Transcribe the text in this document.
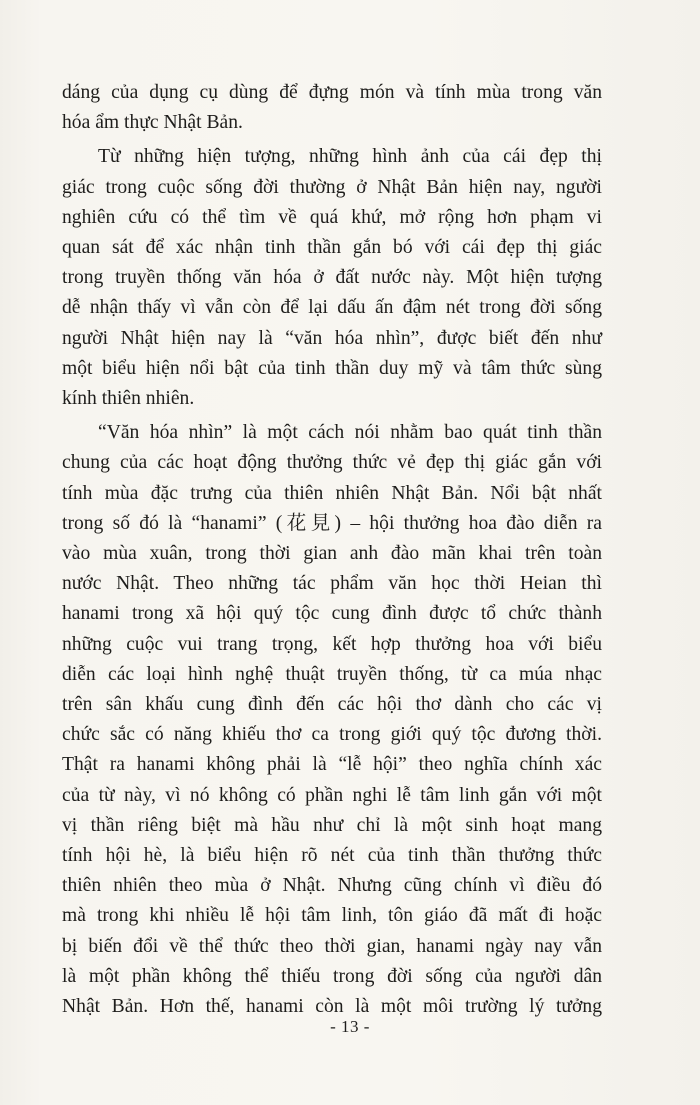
dáng của dụng cụ dùng để đựng món và tính mùa trong văn
hóa ẩm thực Nhật Bản.

Từ những hiện tượng, những hình ảnh của cái đẹp thị
giác trong cuộc sống đời thường ở Nhật Bản hiện nay, người
nghiên cứu có thể tìm về quá khứ, mở rộng hơn phạm vi
quan sát để xác nhận tinh thần gắn bó với cái đẹp thị giác
trong truyền thống văn hóa ở đất nước này. Một hiện tượng
dễ nhận thấy vì vẫn còn để lại dấu ấn đậm nét trong đời sống
người Nhật hiện nay là “văn hóa nhìn”, được biết đến như
một biểu hiện nổi bật của tinh thần duy mỹ và tâm thức sùng
kính thiên nhiên.

“Văn hóa nhìn” là một cách nói nhằm bao quát tinh thần
chung của các hoạt động thưởng thức vẻ đẹp thị giác gắn với
tính mùa đặc trưng của thiên nhiên Nhật Bản. Nổi bật nhất
trong số đó là “hanami” (花見) – hội thưởng hoa đào diễn ra
vào mùa xuân, trong thời gian anh đào mãn khai trên toàn
nước Nhật. Theo những tác phẩm văn học thời Heian thì
hanami trong xã hội quý tộc cung đình được tổ chức thành
những cuộc vui trang trọng, kết hợp thưởng hoa với biểu
diễn các loại hình nghệ thuật truyền thống, từ ca múa nhạc
trên sân khấu cung đình đến các hội thơ dành cho các vị
chức sắc có năng khiếu thơ ca trong giới quý tộc đương thời.
Thật ra hanami không phải là “lễ hội” theo nghĩa chính xác
của từ này, vì nó không có phần nghi lễ tâm linh gắn với một
vị thần riêng biệt mà hầu như chỉ là một sinh hoạt mang
tính hội hè, là biểu hiện rõ nét của tinh thần thưởng thức
thiên nhiên theo mùa ở Nhật. Nhưng cũng chính vì điều đó
mà trong khi nhiều lễ hội tâm linh, tôn giáo đã mất đi hoặc
bị biến đổi về thể thức theo thời gian, hanami ngày nay vẫn
là một phần không thể thiếu trong đời sống của người dân
Nhật Bản. Hơn thế, hanami còn là một môi trường lý tưởng

- 13 -
